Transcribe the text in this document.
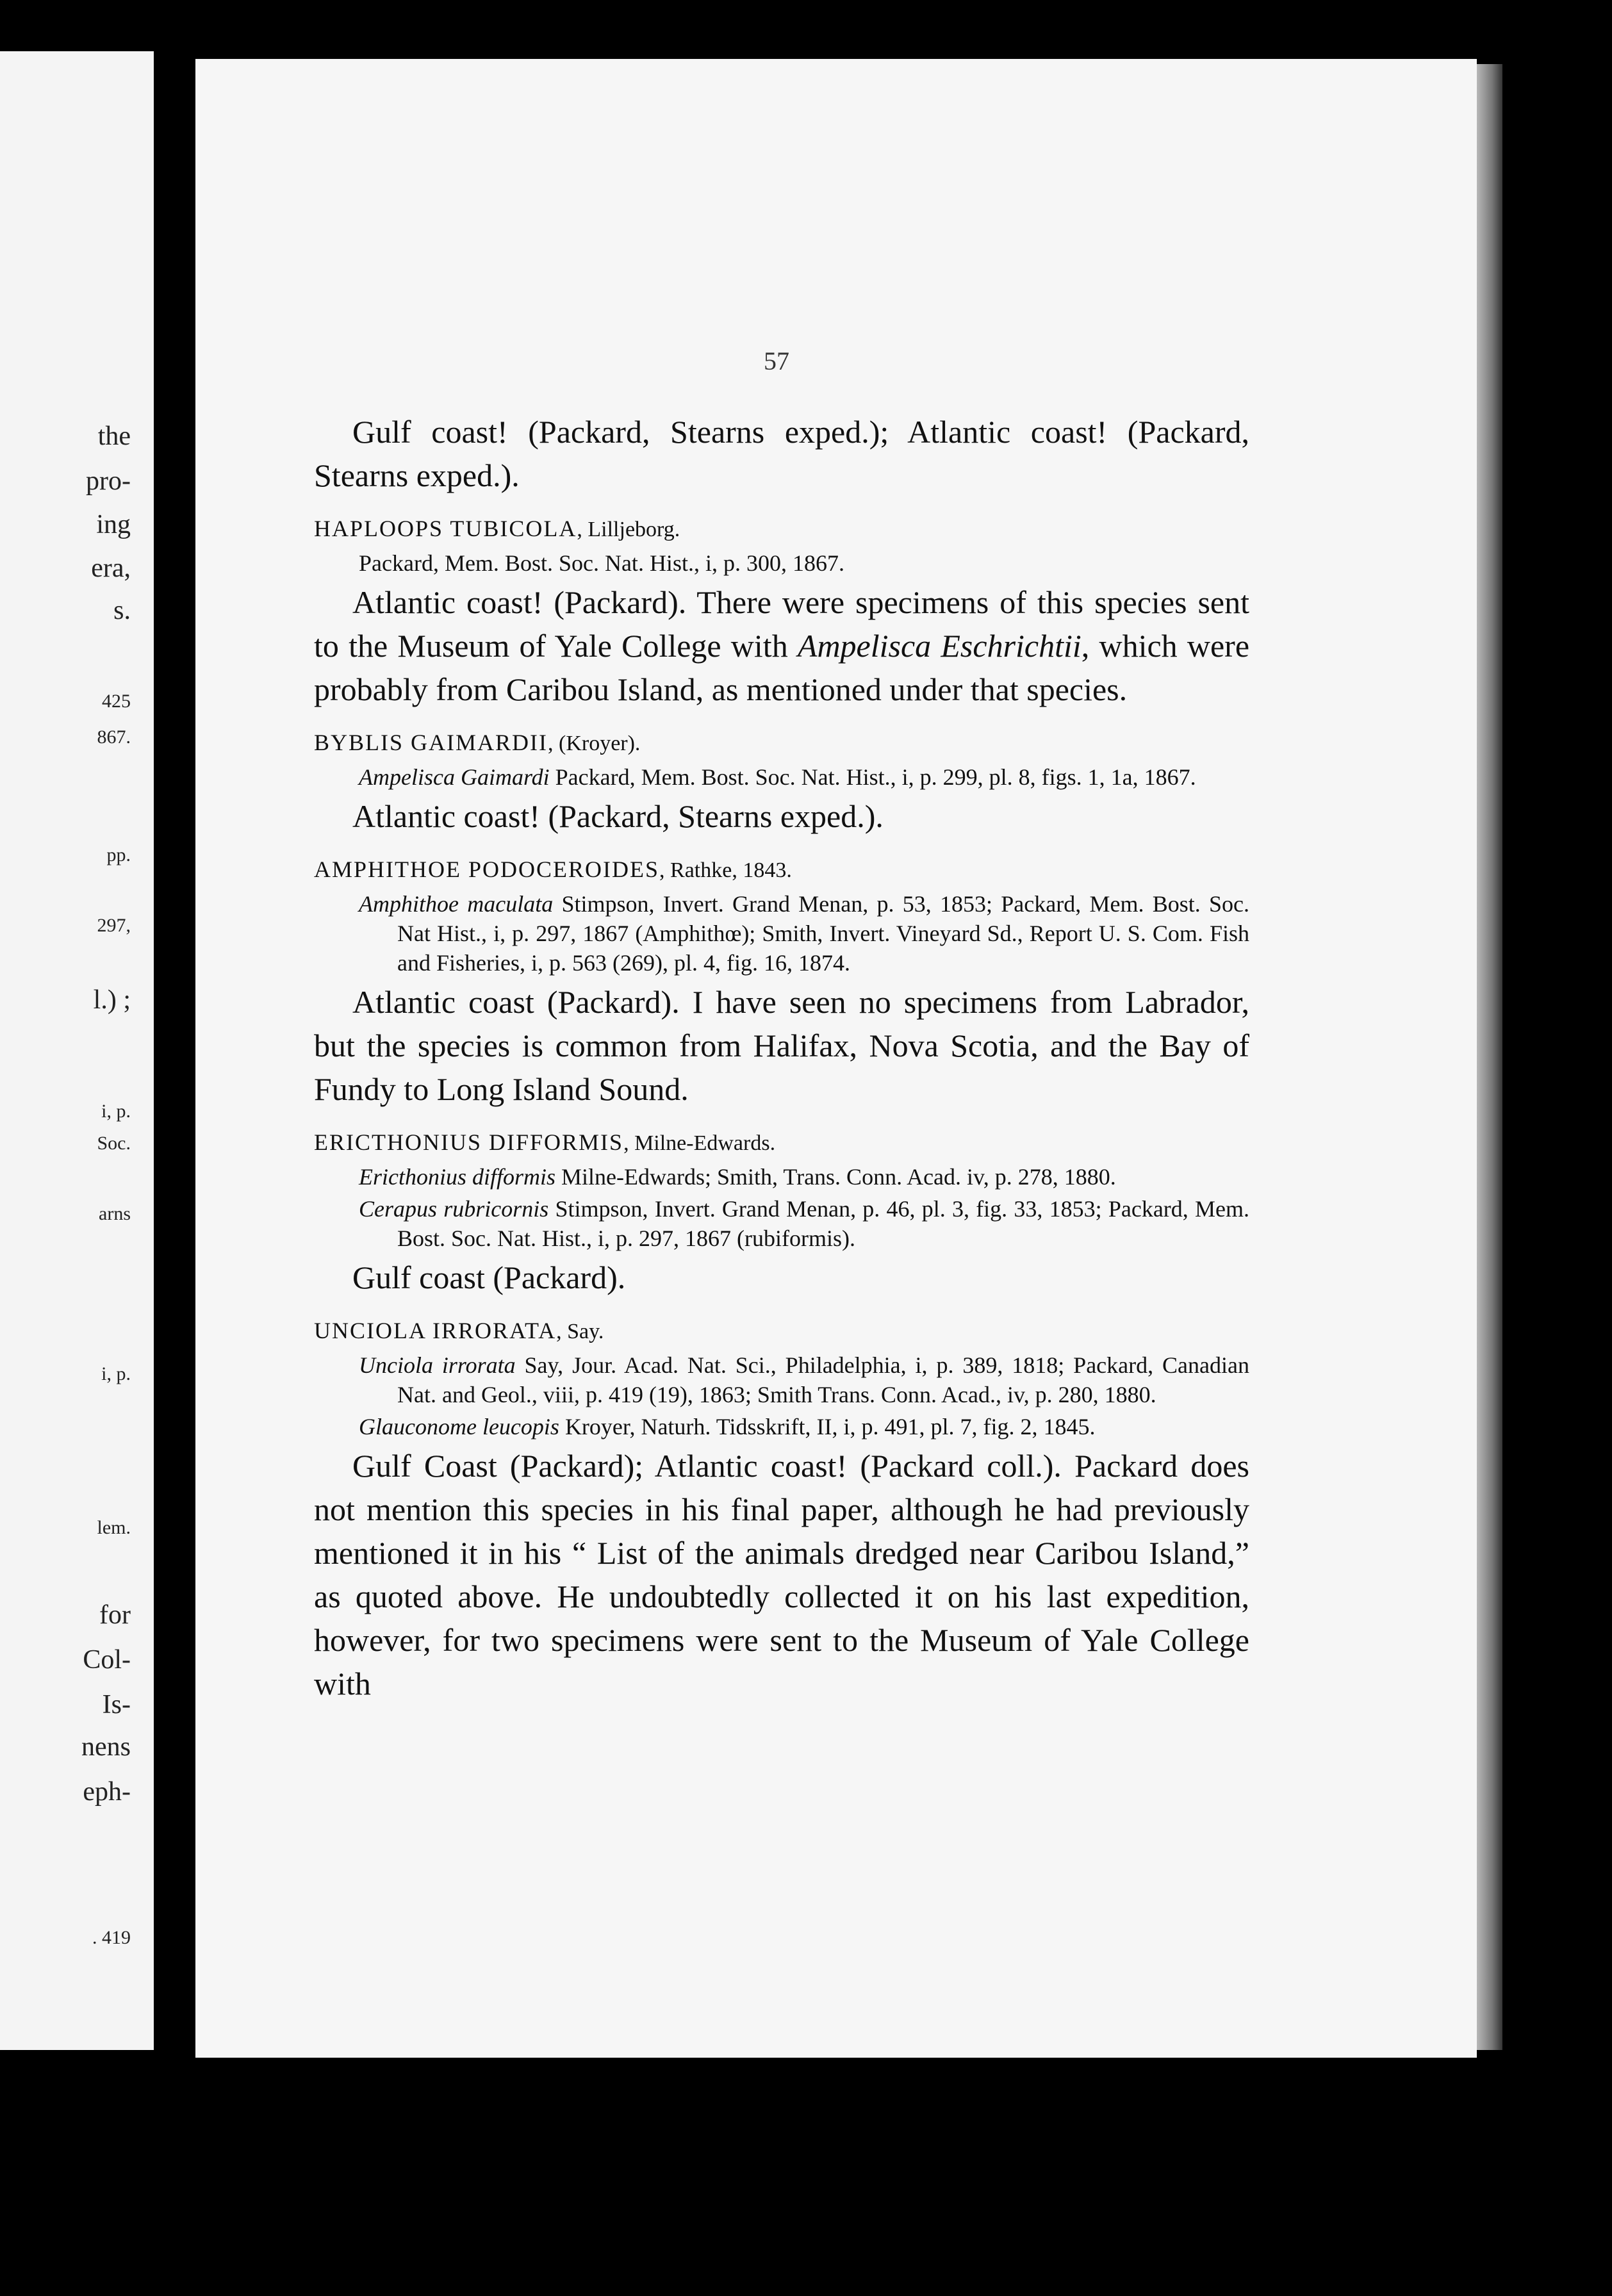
the
pro-
ing
era,
s.
425
867.
pp.
297,
l.) ;
i, p.
Soc.
arns
i, p.
lem.
for
Col-
Is-
nens
eph-
. 419
57

Gulf coast! (Packard, Stearns exped.); Atlantic coast! (Packard, Stearns exped.).

HAPLOOPS TUBICOLA, Lilljeborg.

Packard, Mem. Bost. Soc. Nat. Hist., i, p. 300, 1867.

Atlantic coast! (Packard). There were specimens of this species sent to the Museum of Yale College with Ampelisca Eschrichtii, which were probably from Caribou Island, as mentioned under that species.

BYBLIS GAIMARDII, (Kroyer).

Ampelisca Gaimardi Packard, Mem. Bost. Soc. Nat. Hist., i, p. 299, pl. 8, figs. 1, 1a, 1867.

Atlantic coast! (Packard, Stearns exped.).

AMPHITHOE PODOCEROIDES, Rathke, 1843.

Amphithoe maculata Stimpson, Invert. Grand Menan, p. 53, 1853; Packard, Mem. Bost. Soc. Nat Hist., i, p. 297, 1867 (Amphithœ); Smith, Invert. Vineyard Sd., Report U. S. Com. Fish and Fisheries, i, p. 563 (269), pl. 4, fig. 16, 1874.

Atlantic coast (Packard). I have seen no specimens from Labrador, but the species is common from Halifax, Nova Scotia, and the Bay of Fundy to Long Island Sound.

ERICTHONIUS DIFFORMIS, Milne-Edwards.

Ericthonius difformis Milne-Edwards; Smith, Trans. Conn. Acad. iv, p. 278, 1880.

Cerapus rubricornis Stimpson, Invert. Grand Menan, p. 46, pl. 3, fig. 33, 1853; Packard, Mem. Bost. Soc. Nat. Hist., i, p. 297, 1867 (rubiformis).

Gulf coast (Packard).

UNCIOLA IRRORATA, Say.

Unciola irrorata Say, Jour. Acad. Nat. Sci., Philadelphia, i, p. 389, 1818; Packard, Canadian Nat. and Geol., viii, p. 419 (19), 1863; Smith Trans. Conn. Acad., iv, p. 280, 1880.

Glauconome leucopis Kroyer, Naturh. Tidsskrift, II, i, p. 491, pl. 7, fig. 2, 1845.

Gulf Coast (Packard); Atlantic coast! (Packard coll.). Packard does not mention this species in his final paper, although he had previously mentioned it in his “ List of the animals dredged near Caribou Island,” as quoted above. He undoubtedly collected it on his last expedition, however, for two specimens were sent to the Museum of Yale College with
